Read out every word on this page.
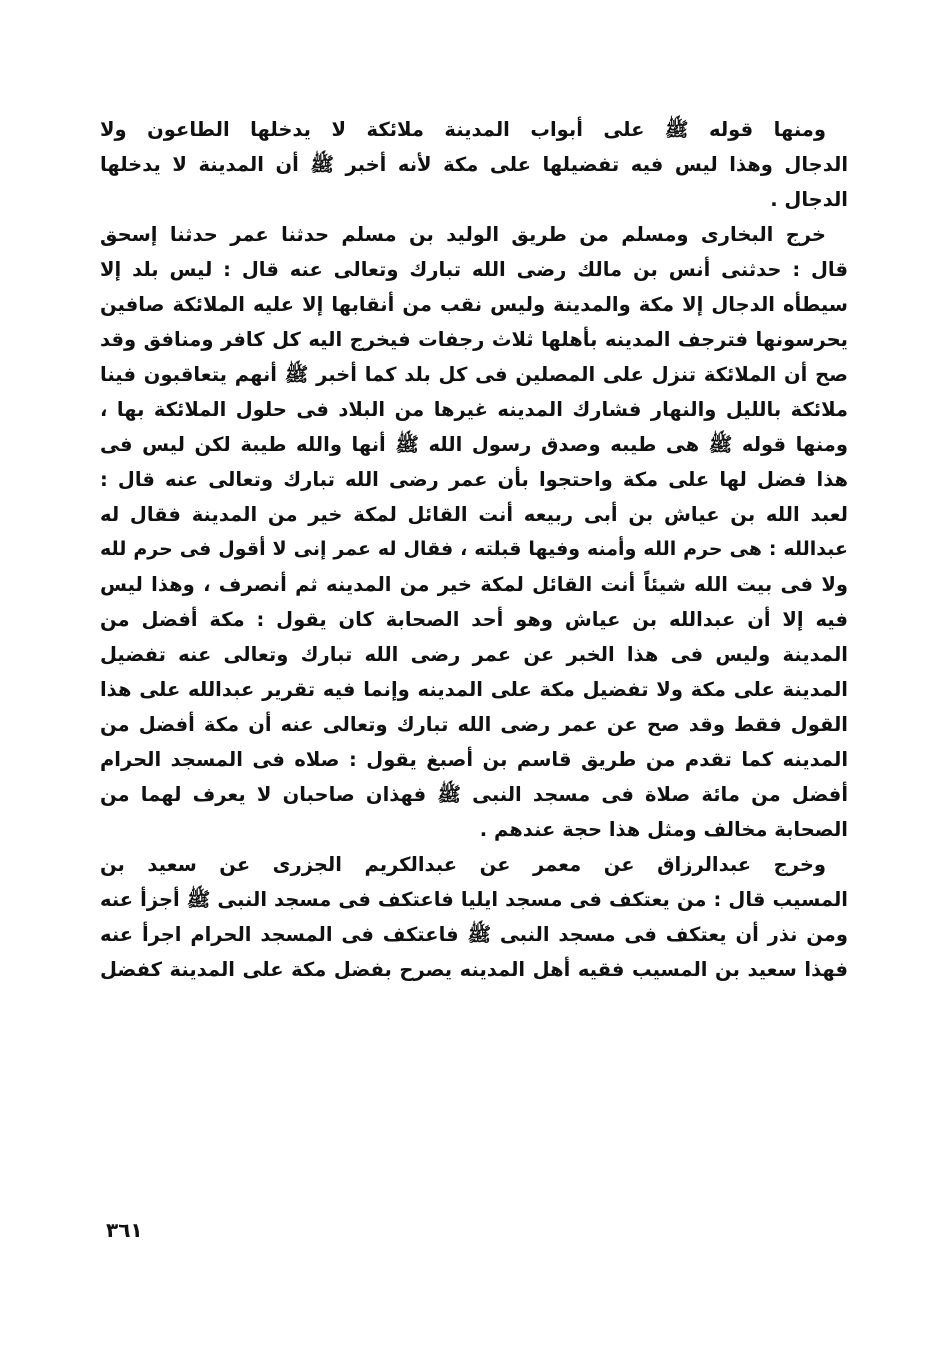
ومنها قوله ﷺ على أبواب المدينة ملائكة لا يدخلها الطاعون ولا
الدجال وهذا ليس فيه تفضيلها على مكة لأنه أخبر ﷺ أن المدينة لا يدخلها
الدجال .
خرج البخارى ومسلم من طريق الوليد بن مسلم حدثنا عمر حدثنا إسحق
قال : حدثنى أنس بن مالك رضى الله تبارك وتعالى عنه قال : ليس بلد إلا
سيطأه الدجال إلا مكة والمدينة وليس نقب من أنقابها إلا عليه الملائكة صافين
يحرسونها فترجف المدينه بأهلها ثلاث رجفات فيخرج اليه كل كافر ومنافق وقد
صح أن الملائكة تنزل على المصلين فى كل بلد كما أخبر ﷺ أنهم يتعاقبون فينا
ملائكة بالليل والنهار فشارك المدينه غيرها من البلاد فى حلول الملائكة بها ،
ومنها قوله ﷺ هى طيبه وصدق رسول الله ﷺ أنها والله طيبة لكن ليس فى
هذا فضل لها على مكة واحتجوا بأن عمر رضى الله تبارك وتعالى عنه قال :
لعبد الله بن عياش بن أبى ربيعه أنت القائل لمكة خير من المدينة فقال له
عبدالله : هى حرم الله وأمنه وفيها قبلته ، فقال له عمر إنى لا أقول فى حرم لله
ولا فى بيت الله شيئاً أنت القائل لمكة خير من المدينه ثم أنصرف ، وهذا ليس
فيه إلا أن عبدالله بن عياش وهو أحد الصحابة كان يقول : مكة أفضل من
المدينة وليس فى هذا الخبر عن عمر رضى الله تبارك وتعالى عنه تفضيل
المدينة على مكة ولا تفضيل مكة على المدينه وإنما فيه تقرير عبدالله على هذا
القول فقط وقد صح عن عمر رضى الله تبارك وتعالى عنه أن مكة أفضل من
المدينه كما تقدم من طريق قاسم بن أصبغ يقول : صلاه فى المسجد الحرام
أفضل من مائة صلاة فى مسجد النبى ﷺ فهذان صاحبان لا يعرف لهما من
الصحابة مخالف ومثل هذا حجة عندهم .
وخرج عبدالرزاق عن معمر عن عبدالكريم الجزرى عن سعيد بن
المسيب قال : من يعتكف فى مسجد ايليا فاعتكف فى مسجد النبى ﷺ أجزأ عنه
ومن نذر أن يعتكف فى مسجد النبى ﷺ فاعتكف فى المسجد الحرام اجرأ عنه
فهذا سعيد بن المسيب فقيه أهل المدينه يصرح بفضل مكة على المدينة كفضل
٣٦١
